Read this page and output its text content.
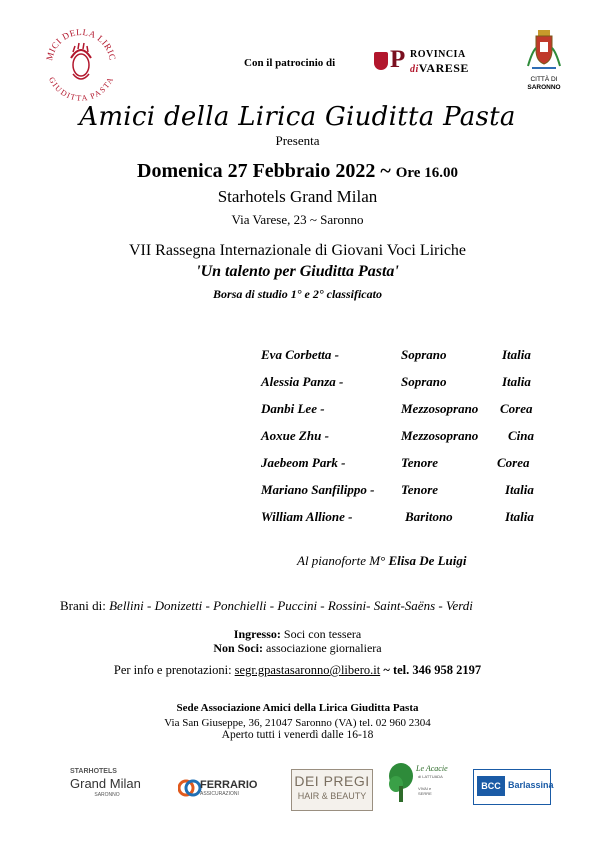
MICI DELLA LIRIC
GIUDITTA PASTA
Con il patrocinio di P ROVINCIA
diVARESE
CITTÀ DI
SARONNO
Amici della Lirica Giuditta Pasta
Presenta
Domenica 27 Febbraio 2022 ~ Ore 16.00
Starhotels Grand Milan
Via Varese, 23 ~ Saronno
VII Rassegna Internazionale di Giovani Voci Liriche
'Un talento per Giuditta Pasta'
Borsa di studio 1° e 2° classificato
Eva Corbetta -	Soprano	Italia
Alessia Panza -	Soprano	Italia
Danbi Lee -	Mezzosoprano Corea
Aoxue Zhu -	Mezzosoprano Cina
Jaebeom Park -	Tenore	Corea
Mariano Sanfilippo - Tenore	Italia
William Allione -	Baritono	Italia
Al pianoforte M° Elisa De Luigi
Brani di: Bellini - Donizetti - Ponchielli - Puccini - Rossini- Saint-Saëns - Verdi
Ingresso: Soci con tessera
Non Soci: associazione giornaliera
Per info e prenotazioni: segr.gpastasaronno@libero.it ~ tel. 346 958 2197
Sede Associazione Amici della Lirica Giuditta Pasta
Via San Giuseppe, 36, 21047 Saronno (VA) tel. 02 960 2304
Aperto tutti i venerdì dalle 16-18
STARHOTELS
Grand Milan
SARONNO
FERRARIO
ASSICURAZIONI
DEI PREGI
HAIR & BEAUTY
Le Acacie
di LATTUADA
VIVAI e SERRE
BCC Barlassina
